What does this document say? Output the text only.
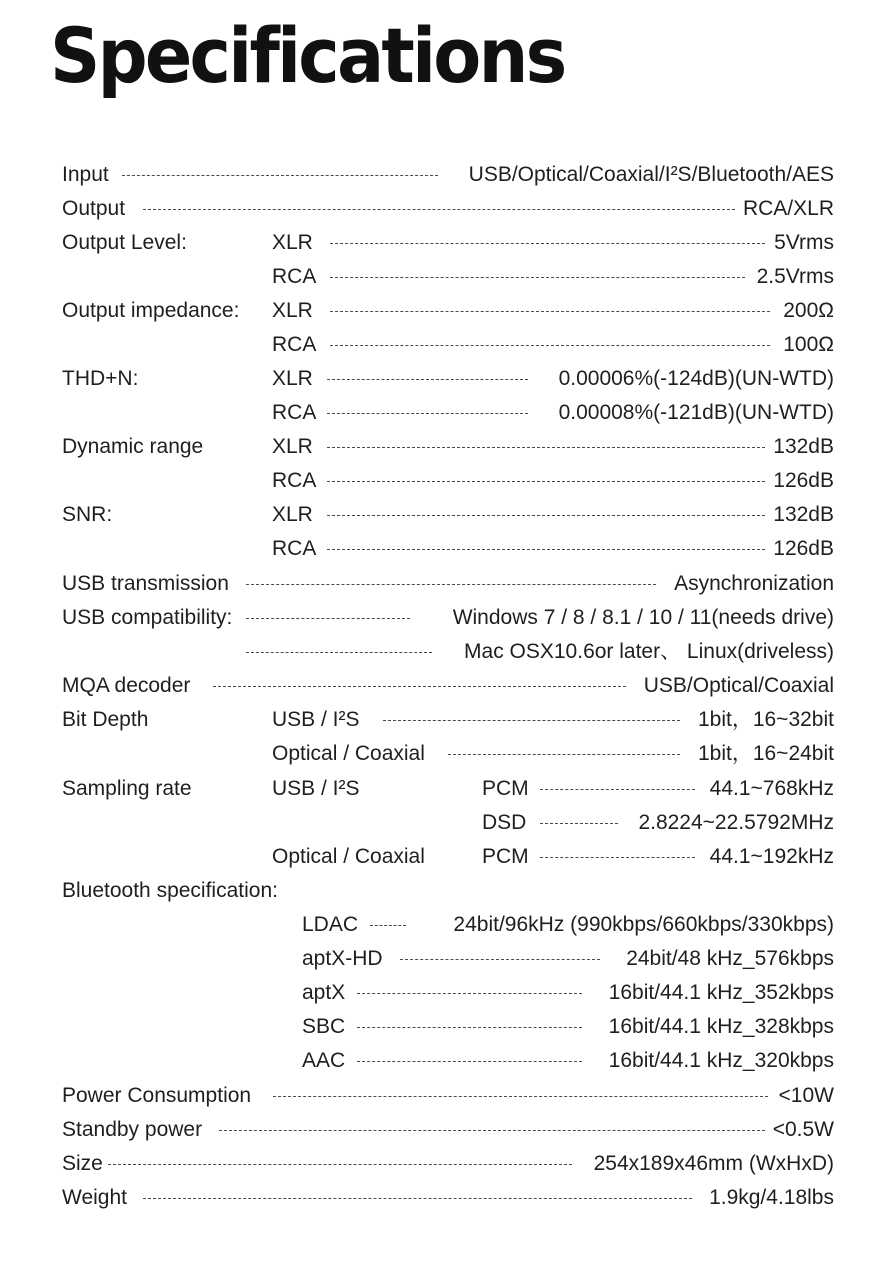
Specifications
Input	USB/Optical/Coaxial/I²S/Bluetooth/AES
Output	RCA/XLR
Output Level:	XLR	5Vrms
RCA	2.5Vrms
Output impedance: XLR	200Ω
RCA	100Ω
THD+N:	XLR	0.00006%(-124dB)(UN-WTD)
RCA	0.00008%(-121dB)(UN-WTD)
Dynamic range	XLR	132dB
RCA	126dB
SNR:	XLR	132dB
RCA	126dB
USB transmission	Asynchronization
USB compatibility:	Windows 7 / 8 / 8.1 / 10 / 11(needs drive)
Mac OSX10.6or later、 Linux(driveless)
MQA decoder	USB/Optical/Coaxial
Bit Depth	USB / I²S	1bit，16~32bit
Optical / Coaxial	1bit，16~24bit
Sampling rate	USB / I²S	PCM	44.1~768kHz
DSD	2.8224~22.5792MHz
Optical / Coaxial	PCM	44.1~192kHz
Bluetooth specification:
LDAC	24bit/96kHz (990kbps/660kbps/330kbps)
aptX-HD	24bit/48 kHz_576kbps
aptX	16bit/44.1 kHz_352kbps
SBC	16bit/44.1 kHz_328kbps
AAC	16bit/44.1 kHz_320kbps
Power Consumption	<10W
Standby power	<0.5W
Size	254x189x46mm (WxHxD)
Weight	1.9kg/4.18lbs
